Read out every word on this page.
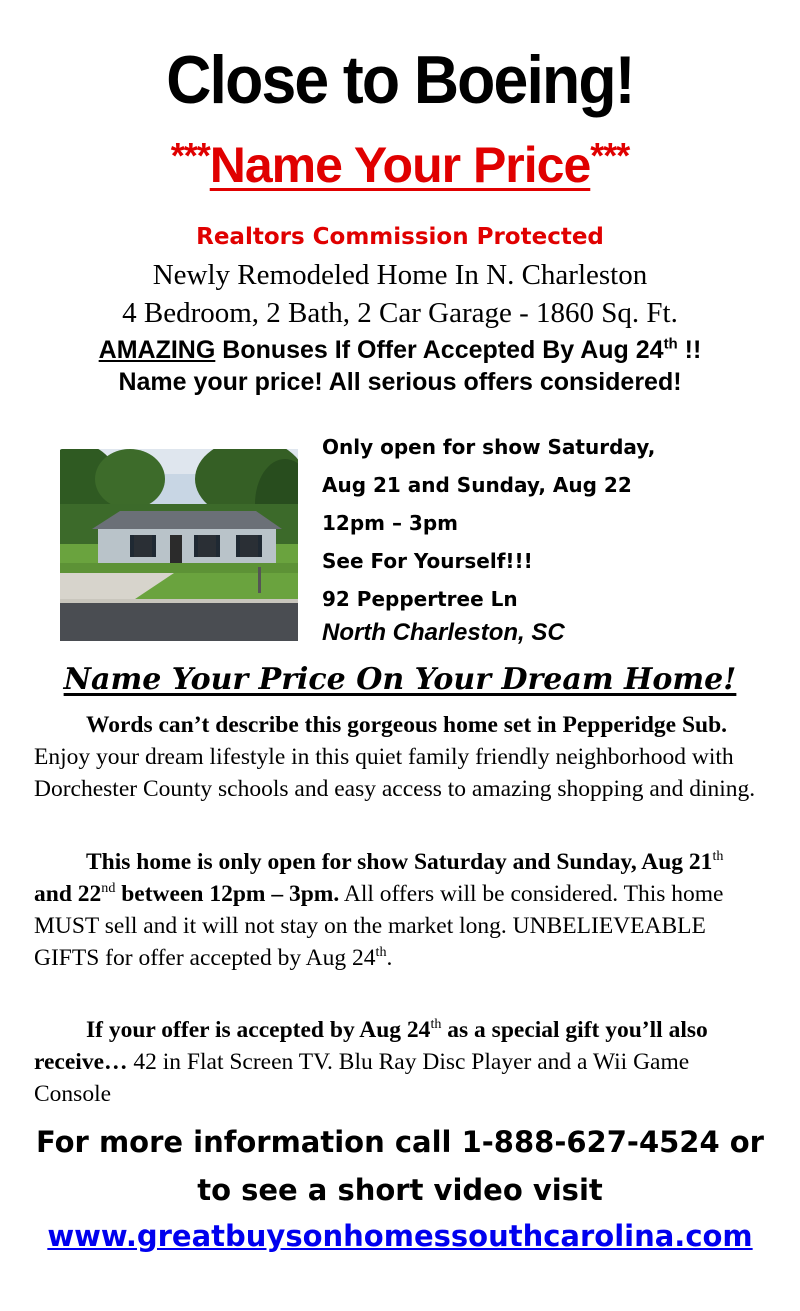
Close to Boeing!
***Name Your Price***
Realtors Commission Protected
Newly Remodeled Home In N. Charleston
4 Bedroom, 2 Bath, 2 Car Garage - 1860 Sq. Ft.
AMAZING Bonuses If Offer Accepted By Aug 24th !!
Name your price! All serious offers considered!
Only open for show Saturday,
Aug 21 and Sunday, Aug 22
12pm – 3pm
See For Yourself!!!
92 Peppertree Ln
North Charleston, SC
Name Your Price On Your Dream Home!

Words can’t describe this gorgeous home set in Pepperidge Sub. Enjoy your dream lifestyle in this quiet family friendly neighborhood with Dorchester County schools and easy access to amazing shopping and dining.

This home is only open for show Saturday and Sunday, Aug 21th and 22nd between 12pm – 3pm. All offers will be considered. This home MUST sell and it will not stay on the market long. UNBELIEVEABLE GIFTS for offer accepted by Aug 24th.

If your offer is accepted by Aug 24th as a special gift you’ll also receive… 42 in Flat Screen TV. Blu Ray Disc Player and a Wii Game Console

For more information call 1-888-627-4524 or
to see a short video visit
www.greatbuysonhomessouthcarolina.com
